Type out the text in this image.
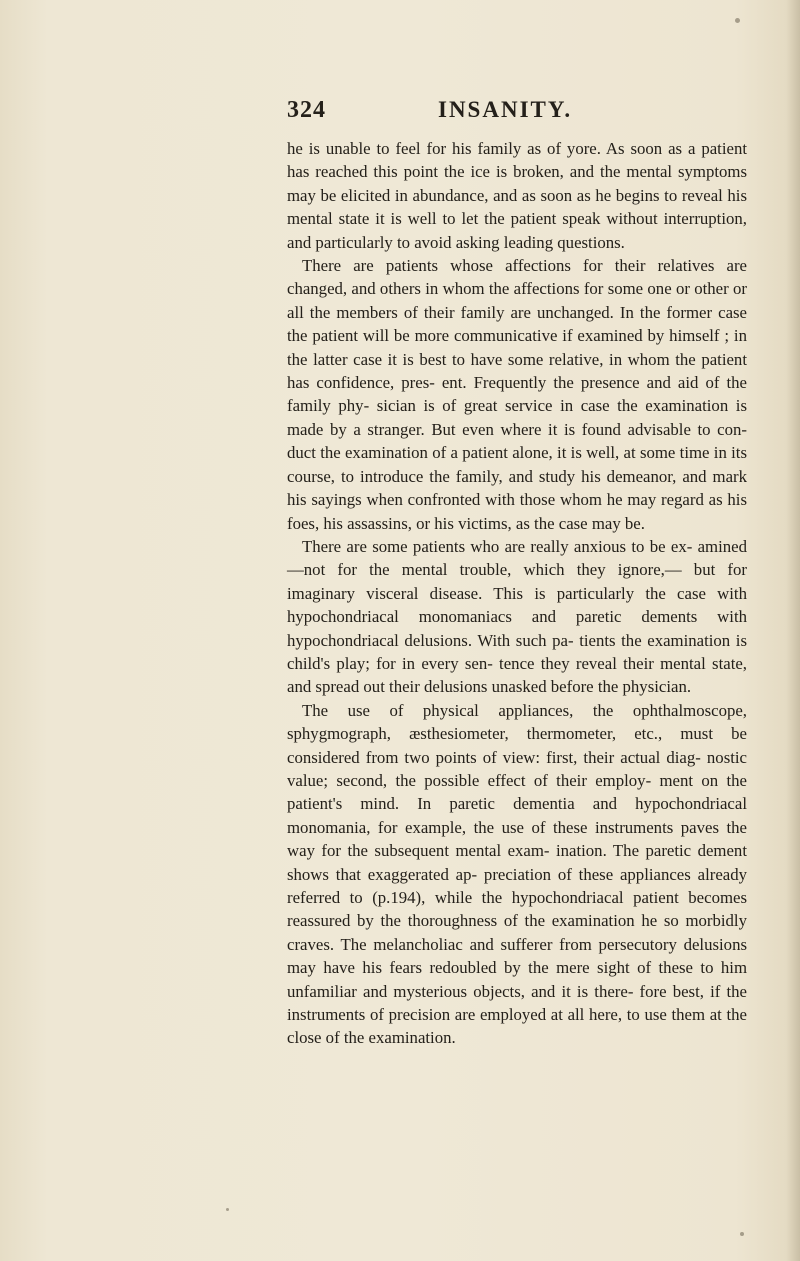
324	INSANITY.

he is unable to feel for his family as of yore. As soon as a patient has reached this point the ice is broken, and the mental symptoms may be elicited in abundance, and as soon as he begins to reveal his mental state it is well to let the patient speak without interruption, and particularly to avoid asking leading questions.

There are patients whose affections for their relatives are changed, and others in whom the affections for some one or other or all the members of their family are unchanged. In the former case the patient will be more communicative if examined by himself ; in the latter case it is best to have some relative, in whom the patient has confidence, pres- ent. Frequently the presence and aid of the family phy- sician is of great service in case the examination is made by a stranger. But even where it is found advisable to con- duct the examination of a patient alone, it is well, at some time in its course, to introduce the family, and study his demeanor, and mark his sayings when confronted with those whom he may regard as his foes, his assassins, or his victims, as the case may be.

There are some patients who are really anxious to be ex- amined—not for the mental trouble, which they ignore,— but for imaginary visceral disease. This is particularly the case with hypochondriacal monomaniacs and paretic dements with hypochondriacal delusions. With such pa- tients the examination is child's play; for in every sen- tence they reveal their mental state, and spread out their delusions unasked before the physician.

The use of physical appliances, the ophthalmoscope, sphygmograph, æsthesiometer, thermometer, etc., must be considered from two points of view: first, their actual diag- nostic value; second, the possible effect of their employ- ment on the patient's mind. In paretic dementia and hypochondriacal monomania, for example, the use of these instruments paves the way for the subsequent mental exam- ination. The paretic dement shows that exaggerated ap- preciation of these appliances already referred to (p.194), while the hypochondriacal patient becomes reassured by the thoroughness of the examination he so morbidly craves. The melancholiac and sufferer from persecutory delusions may have his fears redoubled by the mere sight of these to him unfamiliar and mysterious objects, and it is there- fore best, if the instruments of precision are employed at all here, to use them at the close of the examination.
